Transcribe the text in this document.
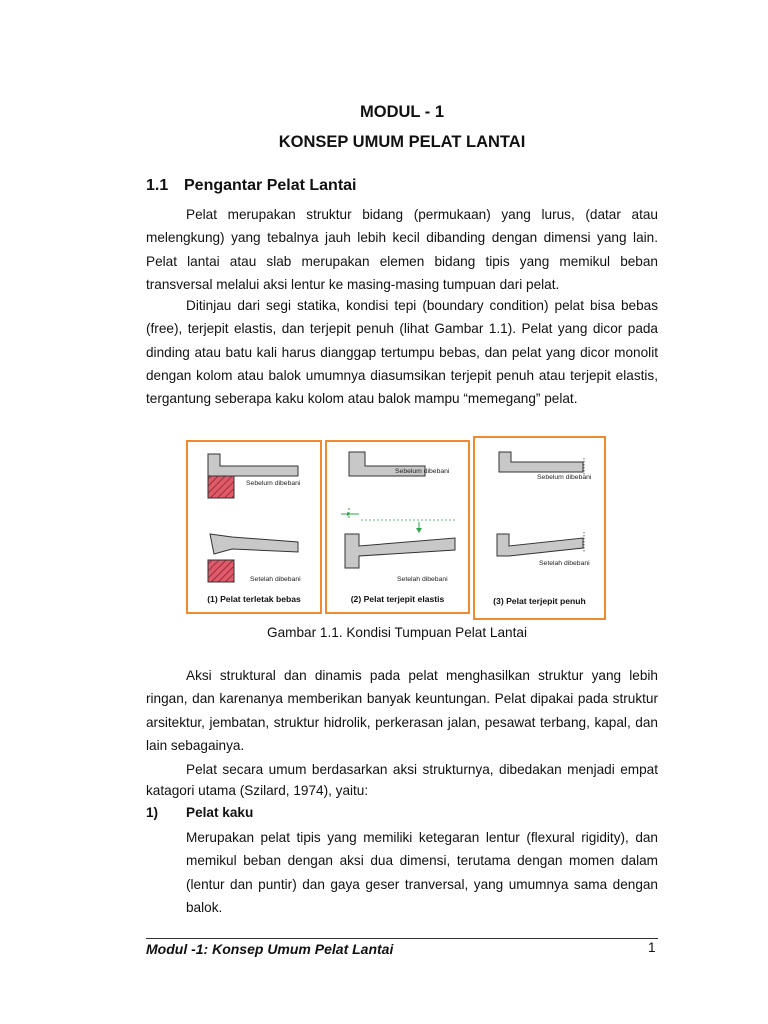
MODUL - 1
KONSEP UMUM PELAT LANTAI
1.1 Pengantar Pelat Lantai

Pelat merupakan struktur bidang (permukaan) yang lurus, (datar atau melengkung) yang tebalnya jauh lebih kecil dibanding dengan dimensi yang lain. Pelat lantai atau slab merupakan elemen bidang tipis yang memikul beban transversal melalui aksi lentur ke masing-masing tumpuan dari pelat.

Ditinjau dari segi statika, kondisi tepi (boundary condition) pelat bisa bebas (free), terjepit elastis, dan terjepit penuh (lihat Gambar 1.1). Pelat yang dicor pada dinding atau batu kali harus dianggap tertumpu bebas, dan pelat yang dicor monolit dengan kolom atau balok umumnya diasumsikan terjepit penuh atau terjepit elastis, tergantung seberapa kaku kolom atau balok mampu “memegang” pelat.

Sebelum dibebani
Setelah dibebani
(1) Pelat terletak bebas
Sebelum dibebani
Setelah dibebani
(2) Pelat terjepit elastis
Sebelum dibebani
Setelah dibebani
(3) Pelat terjepit penuh
Gambar 1.1. Kondisi Tumpuan Pelat Lantai

Aksi struktural dan dinamis pada pelat menghasilkan struktur yang lebih ringan, dan karenanya memberikan banyak keuntungan. Pelat dipakai pada struktur arsitektur, jembatan, struktur hidrolik, perkerasan jalan, pesawat terbang, kapal, dan lain sebagainya.

Pelat secara umum berdasarkan aksi strukturnya, dibedakan menjadi empat katagori utama (Szilard, 1974), yaitu:

1) Pelat kaku

Merupakan pelat tipis yang memiliki ketegaran lentur (flexural rigidity), dan memikul beban dengan aksi dua dimensi, terutama dengan momen dalam (lentur dan puntir) dan gaya geser tranversal, yang umumnya sama dengan balok.

Modul -1: Konsep Umum Pelat Lantai	1
